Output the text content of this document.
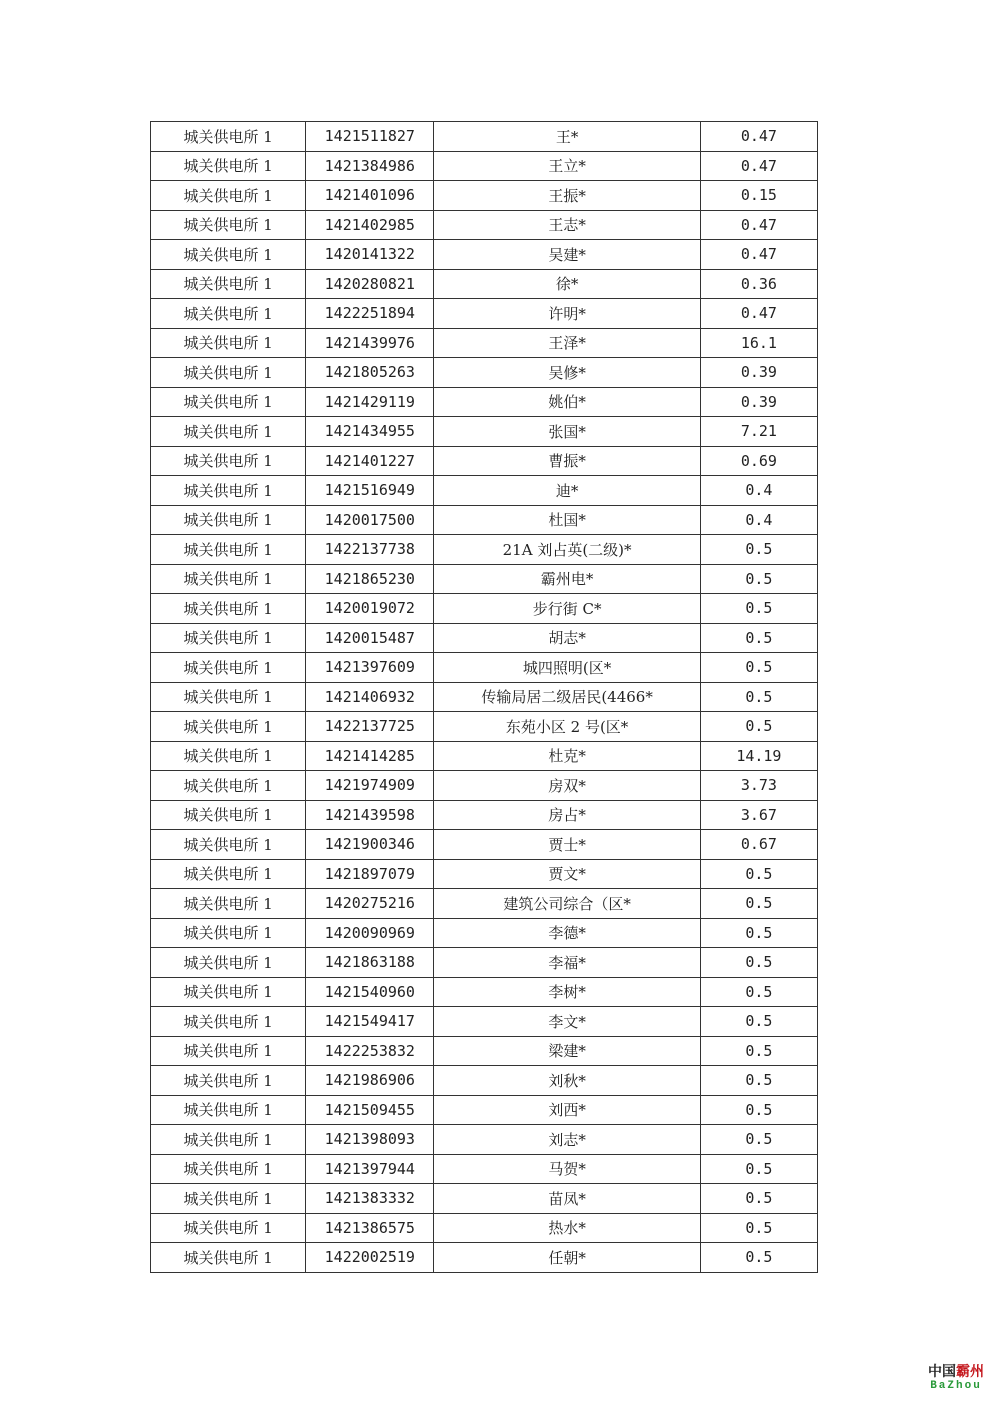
城关供电所 1	1421511827	王*	0.47
城关供电所 1	1421384986	王立*	0.47
城关供电所 1	1421401096	王振*	0.15
城关供电所 1	1421402985	王志*	0.47
城关供电所 1	1420141322	吴建*	0.47
城关供电所 1	1420280821	徐*	0.36
城关供电所 1	1422251894	许明*	0.47
城关供电所 1	1421439976	王泽*	16.1
城关供电所 1	1421805263	吴修*	0.39
城关供电所 1	1421429119	姚伯*	0.39
城关供电所 1	1421434955	张国*	7.21
城关供电所 1	1421401227	曹振*	0.69
城关供电所 1	1421516949	迪*	0.4
城关供电所 1	1420017500	杜国*	0.4
城关供电所 1	1422137738	21A 刘占英(二级)*	0.5
城关供电所 1	1421865230	霸州电*	0.5
城关供电所 1	1420019072	步行街 C*	0.5
城关供电所 1	1420015487	胡志*	0.5
城关供电所 1	1421397609	城四照明(区*	0.5
城关供电所 1	1421406932	传输局居二级居民(4466*	0.5
城关供电所 1	1422137725	东苑小区 2 号(区*	0.5
城关供电所 1	1421414285	杜克*	14.19
城关供电所 1	1421974909	房双*	3.73
城关供电所 1	1421439598	房占*	3.67
城关供电所 1	1421900346	贾士*	0.67
城关供电所 1	1421897079	贾文*	0.5
城关供电所 1	1420275216	建筑公司综合（区*	0.5
城关供电所 1	1420090969	李德*	0.5
城关供电所 1	1421863188	李福*	0.5
城关供电所 1	1421540960	李树*	0.5
城关供电所 1	1421549417	李文*	0.5
城关供电所 1	1422253832	梁建*	0.5
城关供电所 1	1421986906	刘秋*	0.5
城关供电所 1	1421509455	刘西*	0.5
城关供电所 1	1421398093	刘志*	0.5
城关供电所 1	1421397944	马贺*	0.5
城关供电所 1	1421383332	苗凤*	0.5
城关供电所 1	1421386575	热水*	0.5
城关供电所 1	1422002519	任朝*	0.5
中国霸州
BaZhou
